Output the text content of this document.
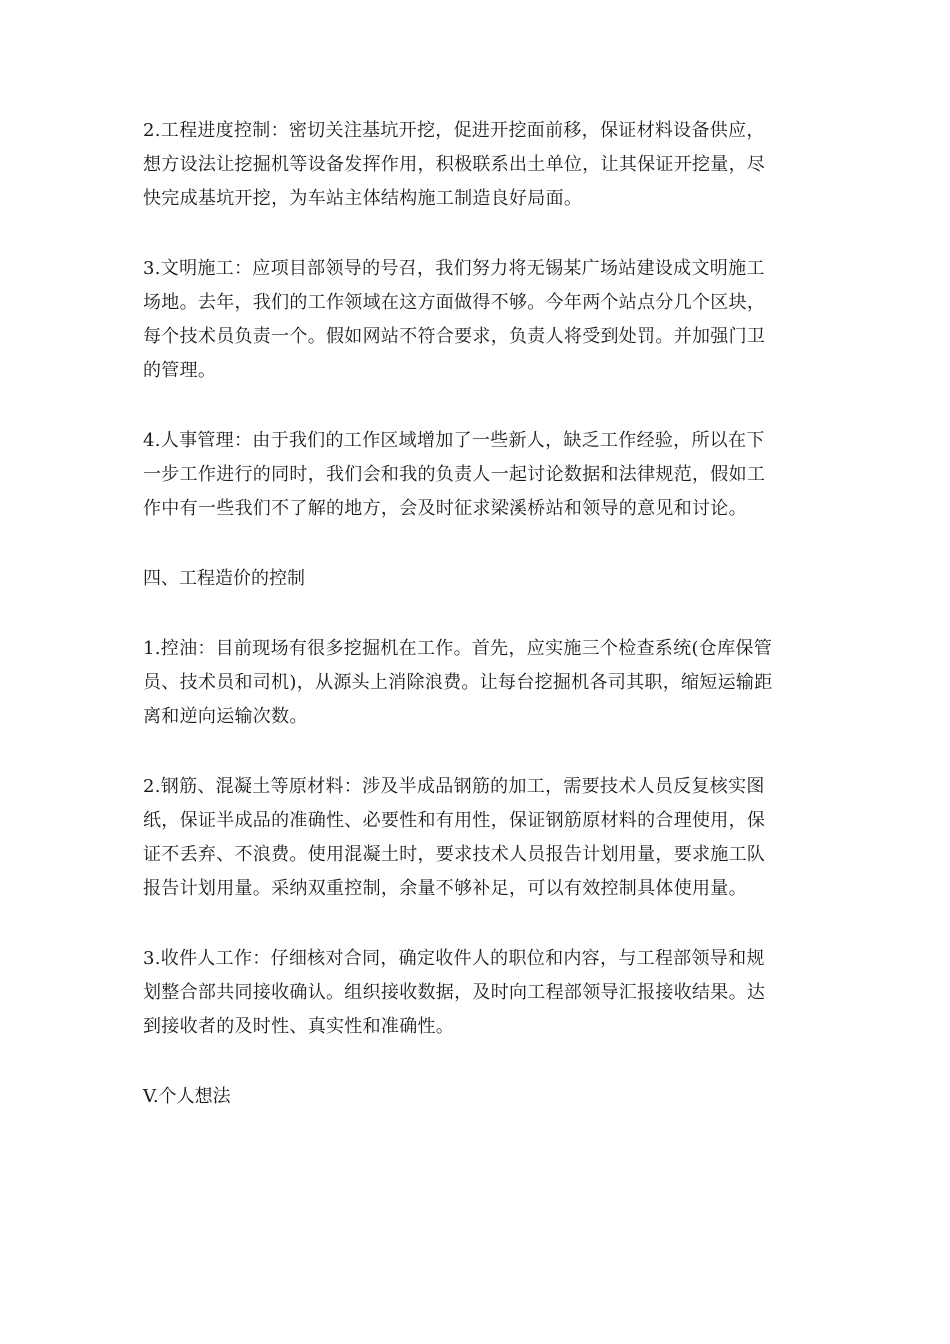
2.工程进度控制：密切关注基坑开挖，促进开挖面前移，保证材料设备供应，
想方设法让挖掘机等设备发挥作用，积极联系出土单位，让其保证开挖量，尽
快完成基坑开挖，为车站主体结构施工制造良好局面。
3.文明施工：应项目部领导的号召，我们努力将无锡某广场站建设成文明施工
场地。去年，我们的工作领域在这方面做得不够。今年两个站点分几个区块，
每个技术员负责一个。假如网站不符合要求，负责人将受到处罚。并加强门卫
的管理。
4.人事管理：由于我们的工作区域增加了一些新人，缺乏工作经验，所以在下
一步工作进行的同时，我们会和我的负责人一起讨论数据和法律规范，假如工
作中有一些我们不了解的地方，会及时征求梁溪桥站和领导的意见和讨论。
四、工程造价的控制
1.控油：目前现场有很多挖掘机在工作。首先，应实施三个检查系统(仓库保管
员、技术员和司机)，从源头上消除浪费。让每台挖掘机各司其职，缩短运输距
离和逆向运输次数。
2.钢筋、混凝土等原材料：涉及半成品钢筋的加工，需要技术人员反复核实图
纸，保证半成品的准确性、必要性和有用性，保证钢筋原材料的合理使用，保
证不丢弃、不浪费。使用混凝土时，要求技术人员报告计划用量，要求施工队
报告计划用量。采纳双重控制，余量不够补足，可以有效控制具体使用量。
3.收件人工作：仔细核对合同，确定收件人的职位和内容，与工程部领导和规
划整合部共同接收确认。组织接收数据，及时向工程部领导汇报接收结果。达
到接收者的及时性、真实性和准确性。
V.个人想法
